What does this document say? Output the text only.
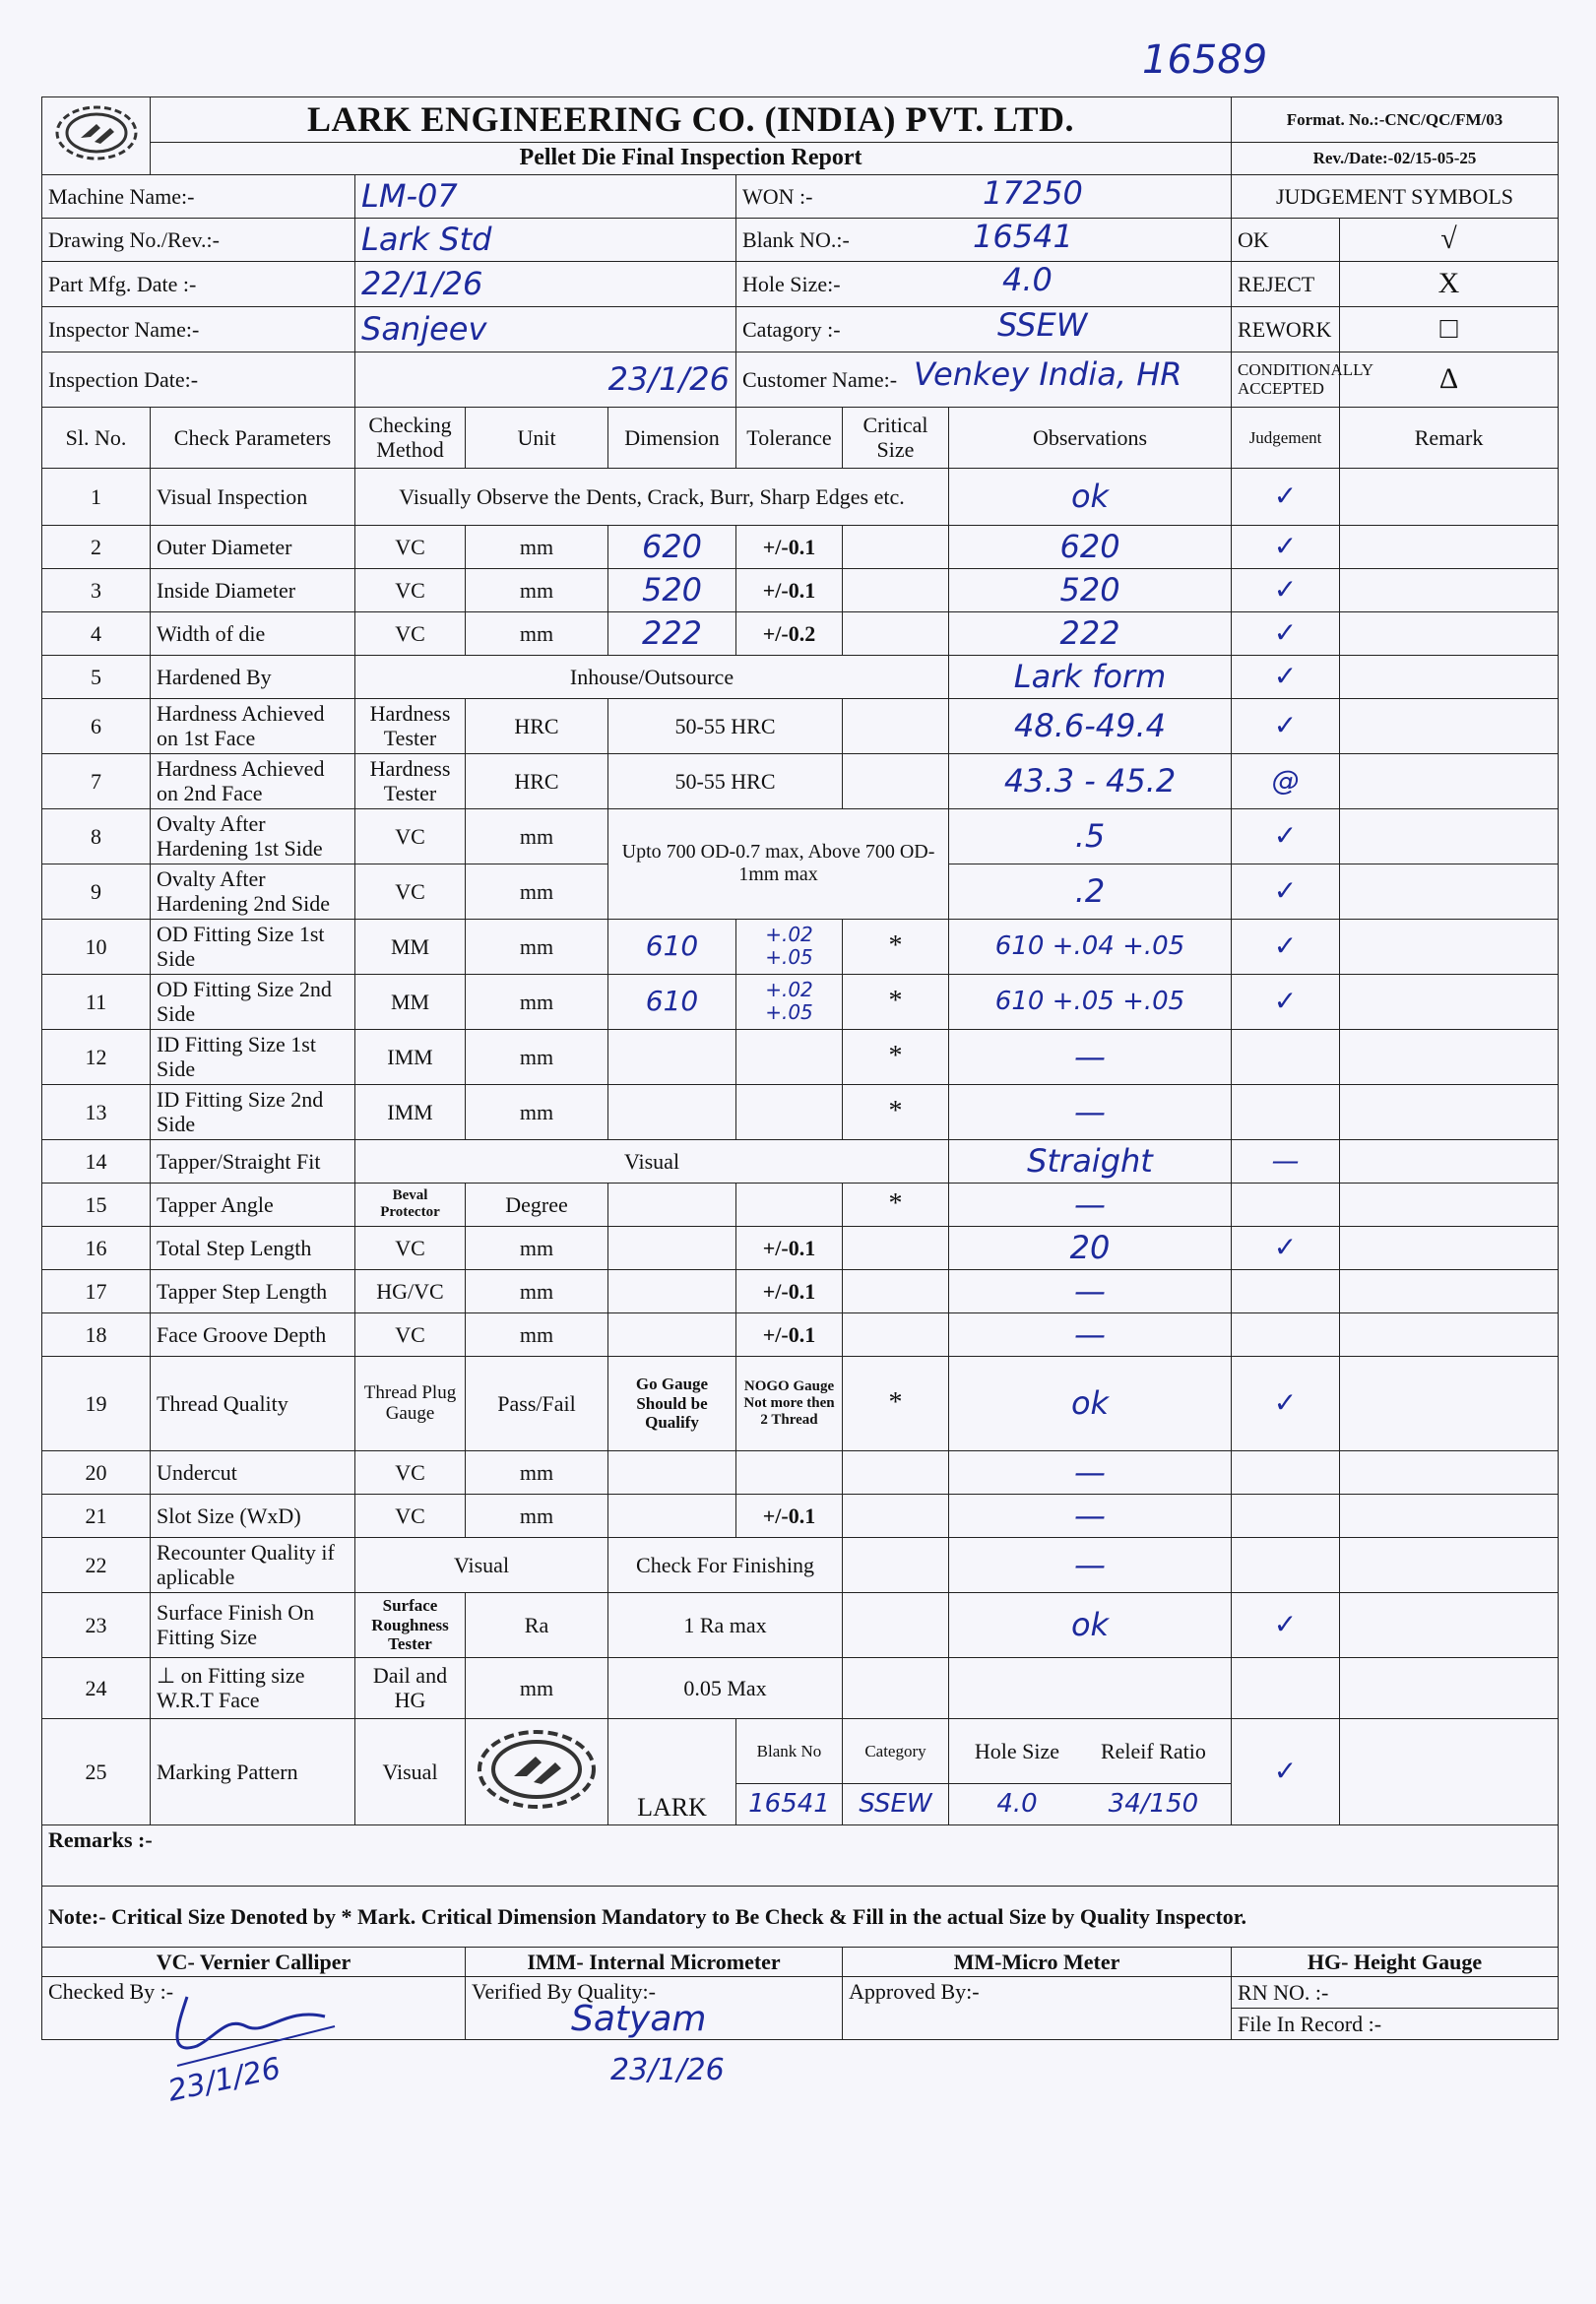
16589
	LARK ENGINEERING CO. (INDIA) PVT. LTD.							Format. No.:-CNC/QC/FM/03	
	Pellet Die Final Inspection Report							Rev./Date:-02/15-05-25	
Machine Name:-		LM-07			WON :- 17250			JUDGEMENT SYMBOLS	
Drawing No./Rev.:-		Lark Std			Blank NO.:- 16541			OK	√
Part Mfg. Date :-		22/1/26			Hole Size:- 4.0			REJECT	X
Inspector Name:-		Sanjeev			Catagory :- SSEW			REWORK	□
Inspection Date:-		23/1/26			Customer Name:- Venkey India, HR			CONDITIONALLY ACCEPTED	Δ
Sl. No.	Check Parameters	Checking Method	Unit	Dimension	Tolerance	Critical Size	Observations	Judgement	Remark
1	Visual Inspection	Visually Observe the Dents, Crack, Burr, Sharp Edges etc.					ok	✓	
2	Outer Diameter	VC	mm	620	+/-0.1		620	✓	
3	Inside Diameter	VC	mm	520	+/-0.1		520	✓	
4	Width of die	VC	mm	222	+/-0.2		222	✓	
5	Hardened By	Inhouse/Outsource					Lark form	✓	
6	Hardness Achieved on 1st Face	Hardness Tester	HRC	50-55 HRC			48.6-49.4	✓	
7	Hardness Achieved on 2nd Face	Hardness Tester	HRC	50-55 HRC			43.3 - 45.2	@	
8	Ovalty After Hardening 1st Side	VC	mm	Upto 700 OD-0.7 max, Above 700 OD-1mm max			.5	✓	
9	Ovalty After Hardening 2nd Side	VC	mm				.2	✓	
10	OD Fitting Size 1st Side	MM	mm	610	+.02 +.05	*	610 +.04 +.05	✓	
11	OD Fitting Size 2nd Side	MM	mm	610	+.02 +.05	*	610 +.05 +.05	✓	
12	ID Fitting Size 1st Side	IMM	mm			*	—		
13	ID Fitting Size 2nd Side	IMM	mm			*	—		
14	Tapper/Straight Fit	Visual					Straight	—	
15	Tapper Angle	Beval Protector	Degree			*	—		
16	Total Step Length	VC	mm		+/-0.1		20	✓	
17	Tapper Step Length	HG/VC	mm		+/-0.1		—		
18	Face Groove Depth	VC	mm		+/-0.1		—		
19	Thread Quality	Thread Plug Gauge	Pass/Fail	Go Gauge Should be Qualify	NOGO Gauge Not more then 2 Thread	*	ok	✓	
20	Undercut	VC	mm				—		
21	Slot Size (WxD)	VC	mm		+/-0.1		—		
22	Recounter Quality if aplicable	Visual		Check For Finishing			—		
23	Surface Finish On Fitting Size	Surface Roughness Tester	Ra	1 Ra max			ok	✓	
24	⊥ on Fitting size W.R.T Face	Dail and HG	mm	0.05 Max					
25	Marking Pattern	Visual		LARK	Blank No	Category	Hole Size Releif Ratio	✓	
					16541	SSEW	4.0 34/150		
Remarks :-									
Note:- Critical Size Denoted by * Mark. Critical Dimension Mandatory to Be Check & Fill in the actual Size by Quality Inspector.									
VC- Vernier Calliper			IMM- Internal Micrometer			MM-Micro Meter		HG- Height Gauge	
Checked By :-			Verified By Quality:-			Approved By:-		RN NO. :-	
								File In Record :-	
23/1/26
Satyam
23/1/26
